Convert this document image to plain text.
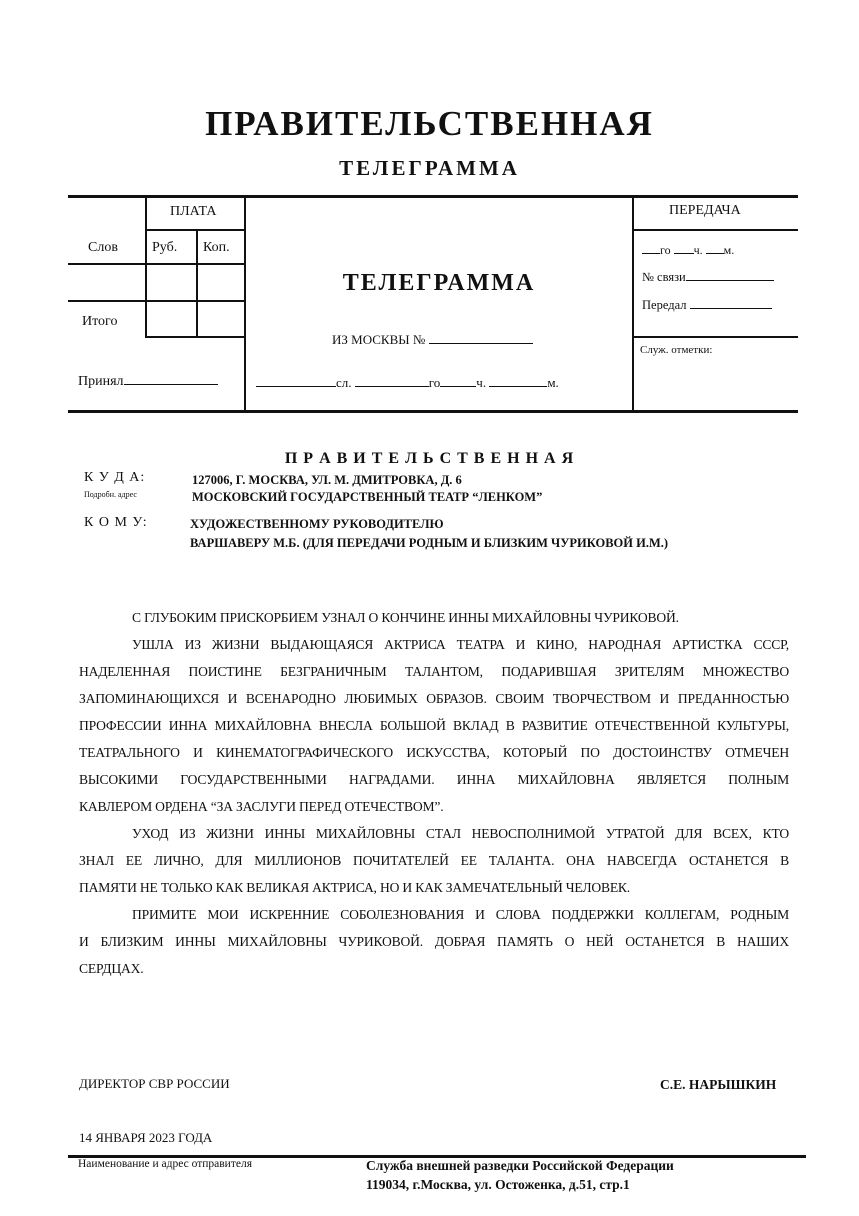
ПРАВИТЕЛЬСТВЕННАЯ
ТЕЛЕГРАММА
ПЛАТА
Слов Руб. Коп.
Итого
Принял
ТЕЛЕГРАММА
ИЗ МОСКВЫ №
сл.	го	ч.	м.
ПЕРЕДАЧА
го ч. м.
№ связи
Передал
Служ. отметки:
П Р А В И Т Е Л Ь С Т В Е Н Н А Я
К У Д А:
Подробн. адрес
127006, Г. МОСКВА, УЛ. М. ДМИТРОВКА, Д. 6
МОСКОВСКИЙ ГОСУДАРСТВЕННЫЙ ТЕАТР “ЛЕНКОМ”
К О М У:	ХУДОЖЕСТВЕННОМУ РУКОВОДИТЕЛЮ
ВАРШАВЕРУ М.Б. (ДЛЯ ПЕРЕДАЧИ РОДНЫМ И БЛИЗКИМ ЧУРИКОВОЙ И.М.)

С ГЛУБОКИМ ПРИСКОРБИЕМ УЗНАЛ О КОНЧИНЕ ИННЫ МИХАЙЛОВНЫ ЧУРИКОВОЙ.

УШЛА ИЗ ЖИЗНИ ВЫДАЮЩАЯСЯ АКТРИСА ТЕАТРА И КИНО, НАРОДНАЯ АРТИСТКА СССР,

НАДЕЛЕННАЯ ПОИСТИНЕ БЕЗГРАНИЧНЫМ ТАЛАНТОМ, ПОДАРИВШАЯ ЗРИТЕЛЯМ МНОЖЕСТВО

ЗАПОМИНАЮЩИХСЯ И ВСЕНАРОДНО ЛЮБИМЫХ ОБРАЗОВ. СВОИМ ТВОРЧЕСТВОМ И ПРЕДАННОСТЬЮ

ПРОФЕССИИ ИННА МИХАЙЛОВНА ВНЕСЛА БОЛЬШОЙ ВКЛАД В РАЗВИТИЕ ОТЕЧЕСТВЕННОЙ КУЛЬТУРЫ,

ТЕАТРАЛЬНОГО И КИНЕМАТОГРАФИЧЕСКОГО ИСКУССТВА, КОТОРЫЙ ПО ДОСТОИНСТВУ ОТМЕЧЕН

ВЫСОКИМИ ГОСУДАРСТВЕННЫМИ НАГРАДАМИ. ИННА МИХАЙЛОВНА ЯВЛЯЕТСЯ ПОЛНЫМ

КАВЛЕРОМ ОРДЕНА “ЗА ЗАСЛУГИ ПЕРЕД ОТЕЧЕСТВОМ”.

УХОД ИЗ ЖИЗНИ ИННЫ МИХАЙЛОВНЫ СТАЛ НЕВОСПОЛНИМОЙ УТРАТОЙ ДЛЯ ВСЕХ, КТО

ЗНАЛ ЕЕ ЛИЧНО, ДЛЯ МИЛЛИОНОВ ПОЧИТАТЕЛЕЙ ЕЕ ТАЛАНТА. ОНА НАВСЕГДА ОСТАНЕТСЯ В

ПАМЯТИ НЕ ТОЛЬКО КАК ВЕЛИКАЯ АКТРИСА, НО И КАК ЗАМЕЧАТЕЛЬНЫЙ ЧЕЛОВЕК.

ПРИМИТЕ МОИ ИСКРЕННИЕ СОБОЛЕЗНОВАНИЯ И СЛОВА ПОДДЕРЖКИ КОЛЛЕГАМ, РОДНЫМ

И БЛИЗКИМ ИННЫ МИХАЙЛОВНЫ ЧУРИКОВОЙ. ДОБРАЯ ПАМЯТЬ О НЕЙ ОСТАНЕТСЯ В НАШИХ

СЕРДЦАХ.

ДИРЕКТОР СВР РОССИИ	С.Е. НАРЫШКИН
14 ЯНВАРЯ 2023 ГОДА
Наименование и адрес отправителя	Служба внешней разведки Российской Федерации
119034, г.Москва, ул. Остоженка, д.51, стр.1
